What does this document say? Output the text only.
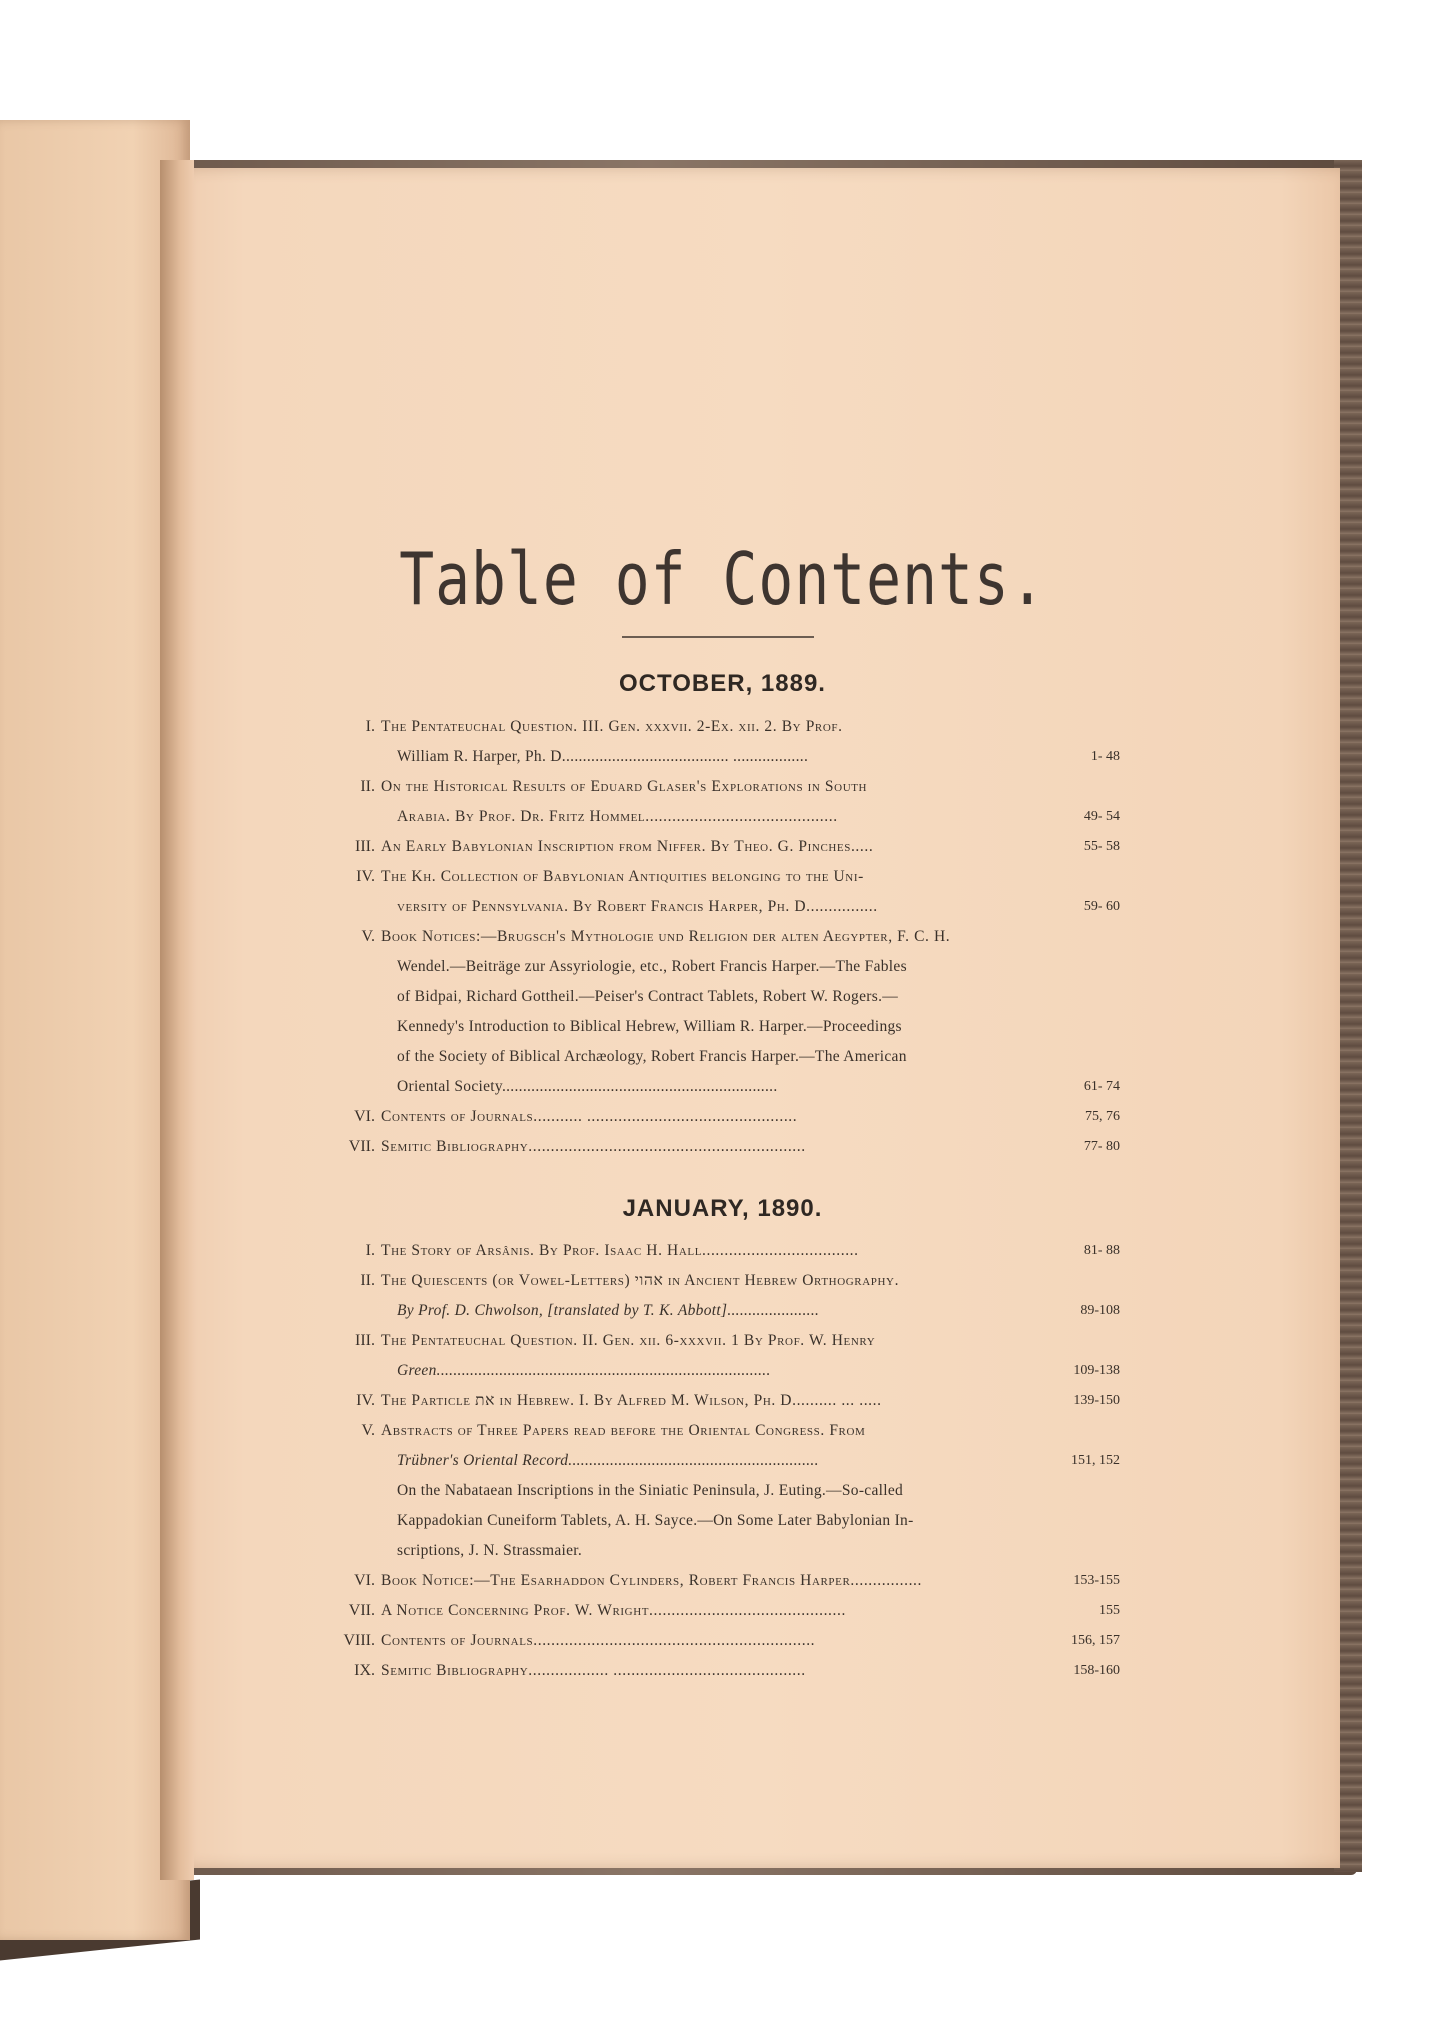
Table of Contents.
OCTOBER, 1889.
I. The Pentateuchal Question. III. Gen. xxxvii. 2-Ex. xii. 2. By Prof.
William R. Harper, Ph. D........................................ ..................	1- 48
II. On the Historical Results of Eduard Glaser's Explorations in South
Arabia. By Prof. Dr. Fritz Hommel...........................................	49- 54
III. An Early Babylonian Inscription from Niffer. By Theo. G. Pinches.....	55- 58
IV. The Kh. Collection of Babylonian Antiquities belonging to the Uni-
versity of Pennsylvania. By Robert Francis Harper, Ph. D................	59- 60
V. Book Notices:—Brugsch's Mythologie und Religion der alten Aegypter, F. C. H.
Wendel.—Beiträge zur Assyriologie, etc., Robert Francis Harper.—The Fables
of Bidpai, Richard Gottheil.—Peiser's Contract Tablets, Robert W. Rogers.—
Kennedy's Introduction to Biblical Hebrew, William R. Harper.—Proceedings
of the Society of Biblical Archæology, Robert Francis Harper.—The American
Oriental Society..................................................................	61- 74
VI. Contents of Journals........... ...............................................	75, 76
VII. Semitic Bibliography..............................................................	77- 80
JANUARY, 1890.
I. The Story of Arsânis. By Prof. Isaac H. Hall...................................	81- 88
II. The Quiescents (or Vowel-Letters) אהוי in Ancient Hebrew Orthography.
By Prof. D. Chwolson, [translated by T. K. Abbott]......................	89-108
III. The Pentateuchal Question. II. Gen. xii. 6-xxxvii. 1 By Prof. W. Henry
Green................................................................................	109-138
IV. The Particle את in Hebrew. I. By Alfred M. Wilson, Ph. D.......... ... .....	139-150
V. Abstracts of Three Papers read before the Oriental Congress. From
Trübner's Oriental Record............................................................	151, 152
On the Nabataean Inscriptions in the Siniatic Peninsula, J. Euting.—So-called
Kappadokian Cuneiform Tablets, A. H. Sayce.—On Some Later Babylonian In-
scriptions, J. N. Strassmaier.
VI. Book Notice:—The Esarhaddon Cylinders, Robert Francis Harper................	153-155
VII. A Notice Concerning Prof. W. Wright............................................	155
VIII. Contents of Journals...............................................................	156, 157
IX. Semitic Bibliography.................. ...........................................	158-160
